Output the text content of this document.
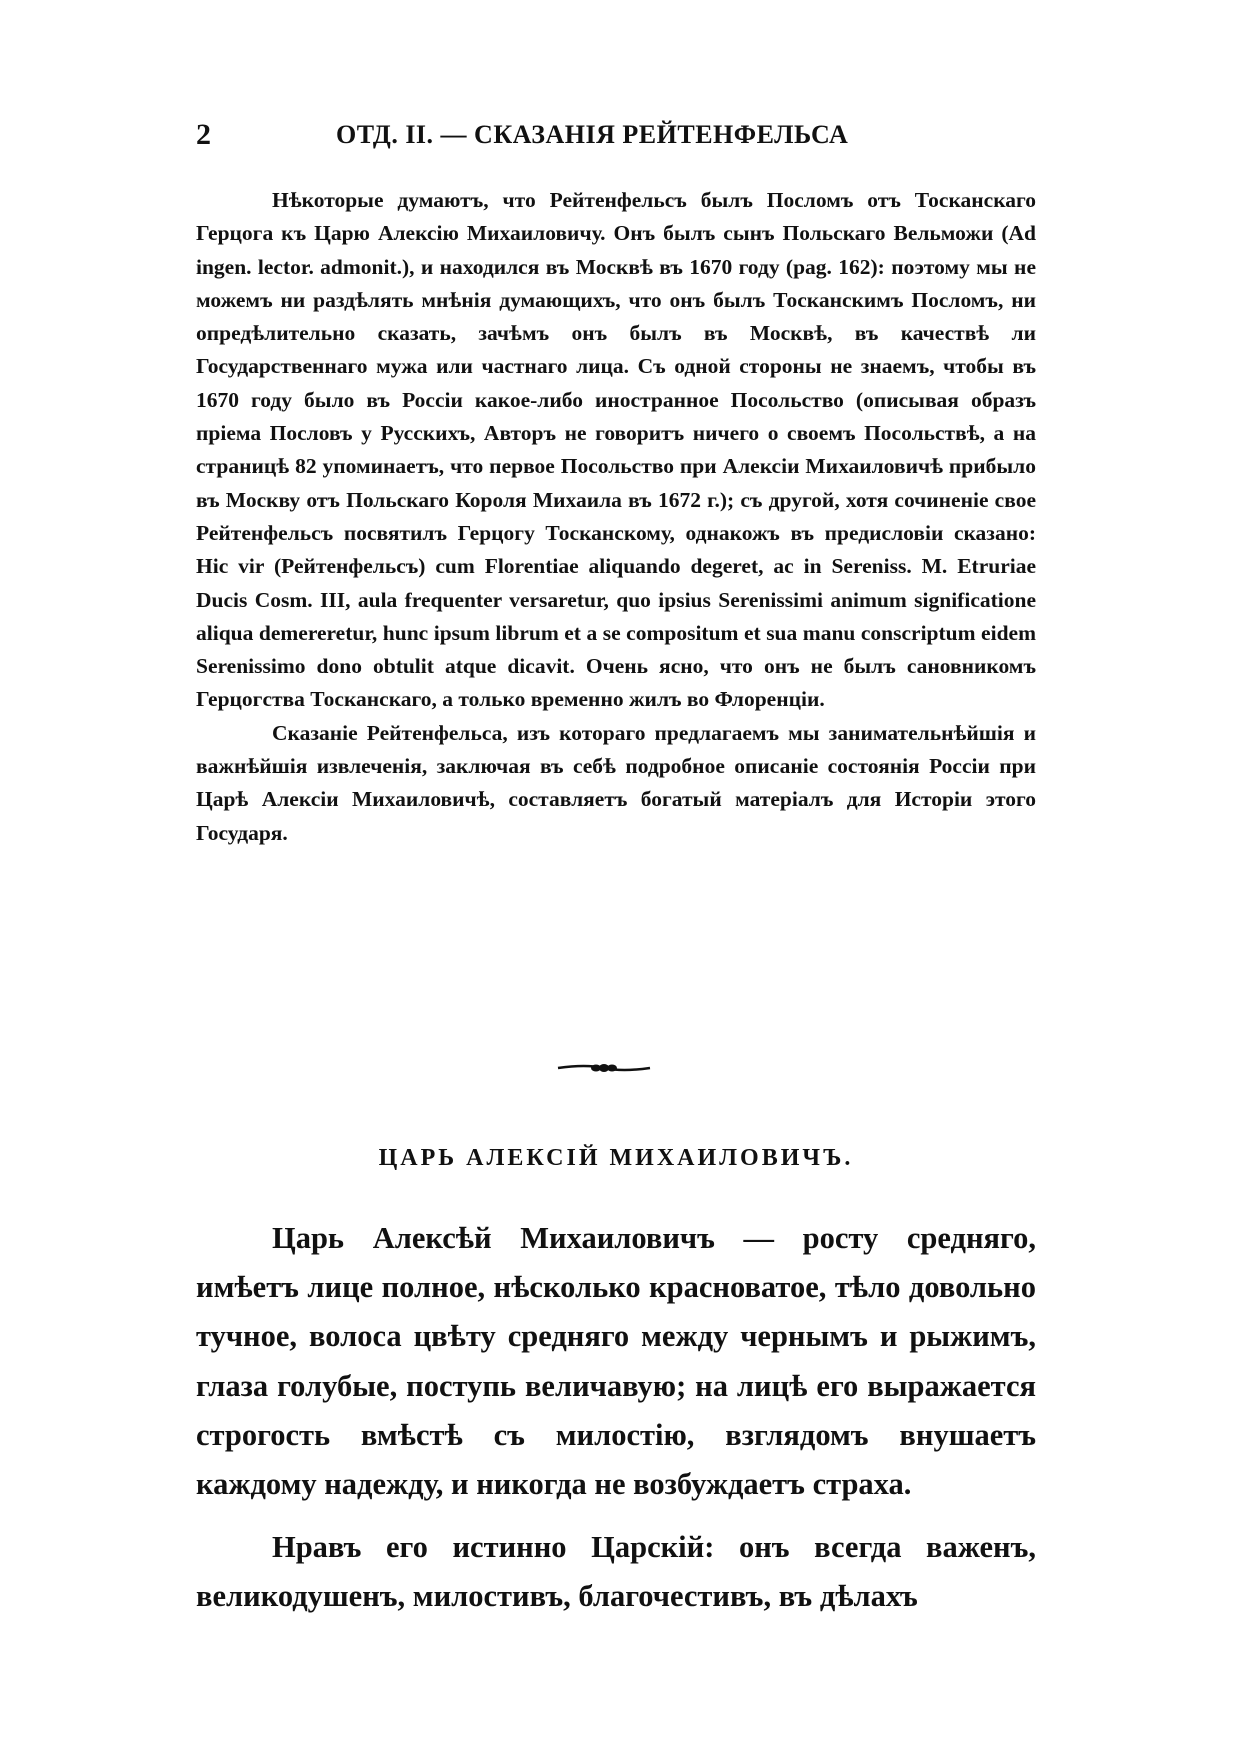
2	ОТД. II. — СКАЗАНІЯ РЕЙТЕНФЕЛЬСА

Нѣкоторые думаютъ, что Рейтенфельсъ былъ Посломъ отъ Тосканскаго Герцога къ Царю Алексію Михаиловичу. Онъ былъ сынъ Польскаго Вельможи (Ad ingen. lector. admonit.), и находился въ Москвѣ въ 1670 году (pag. 162): поэтому мы не можемъ ни раздѣлять мнѣнія думающихъ, что онъ былъ Тосканскимъ Посломъ, ни опредѣлительно сказать, зачѣмъ онъ былъ въ Москвѣ, въ качествѣ ли Государственнаго мужа или частнаго лица. Съ одной стороны не знаемъ, чтобы въ 1670 году было въ Россіи какое-либо иностранное Посольство (описывая образъ пріема Пословъ у Русскихъ, Авторъ не говоритъ ничего о своемъ Посольствѣ, а на страницѣ 82 упоминаетъ, что первое Посольство при Алексіи Михаиловичѣ прибыло въ Москву отъ Польскаго Короля Михаила въ 1672 г.); съ другой, хотя сочиненіе свое Рейтенфельсъ посвятилъ Герцогу Тосканскому, однакожъ въ предисловіи сказано: Hic vir (Рейтенфельсъ) cum Florentiae aliquando degeret, ac in Sereniss. M. Etruriae Ducis Cosm. III, aula frequenter versaretur, quo ipsius Serenissimi animum significatione aliqua demereretur, hunc ipsum librum et a se compositum et sua manu conscriptum eidem Serenissimo dono obtulit atque dicavit. Очень ясно, что онъ не былъ сановникомъ Герцогства Тосканскаго, а только временно жилъ во Флоренціи.

Сказаніе Рейтенфельса, изъ котораго предлагаемъ мы занимательнѣйшія и важнѣйшія извлеченія, заключая въ себѣ подробное описаніе состоянія Россіи при Царѣ Алексіи Михаиловичѣ, составляетъ богатый матеріалъ для Исторіи этого Государя.

ЦАРЬ АЛЕКСІЙ МИХАИЛОВИЧЪ.

Царь Алексѣй Михаиловичъ — росту средняго, имѣетъ лице полное, нѣсколько красноватое, тѣло довольно тучное, волоса цвѣту средняго между чернымъ и рыжимъ, глаза голубые, поступь величавую; на лицѣ его выражается строгость вмѣстѣ съ милостію, взглядомъ внушаетъ каждому надежду, и никогда не возбуждаетъ страха.

Нравъ его истинно Царскій: онъ всегда важенъ, великодушенъ, милостивъ, благочестивъ, въ дѣлахъ
